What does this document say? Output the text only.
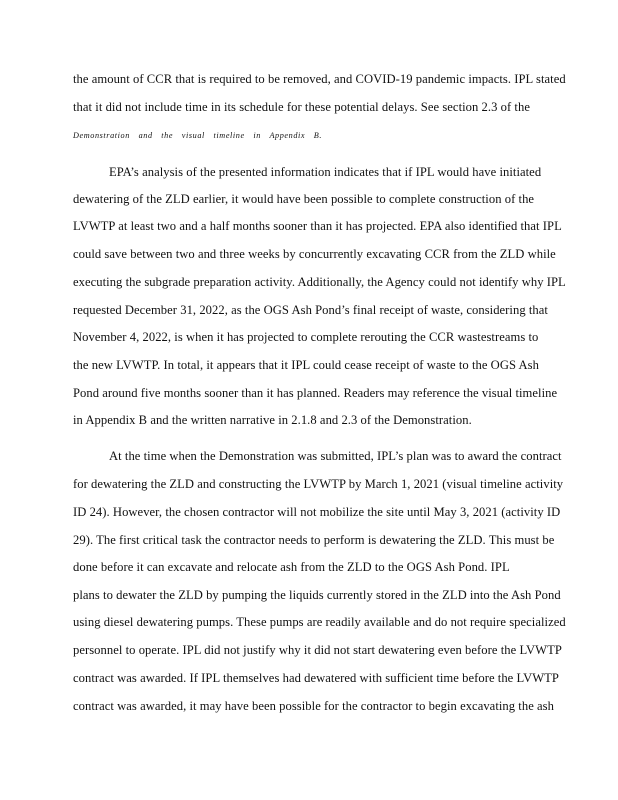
the amount of CCR that is required to be removed, and COVID-19 pandemic impacts. IPL stated
that it did not include time in its schedule for these potential delays. See section 2.3 of the
Demonstration and the visual timeline in Appendix B.
EPA’s analysis of the presented information indicates that if IPL would have initiated
dewatering of the ZLD earlier, it would have been possible to complete construction of the
LVWTP at least two and a half months sooner than it has projected. EPA also identified that IPL
could save between two and three weeks by concurrently excavating CCR from the ZLD while
executing the subgrade preparation activity. Additionally, the Agency could not identify why IPL
requested December 31, 2022, as the OGS Ash Pond’s final receipt of waste, considering that
November 4, 2022, is when it has projected to complete rerouting the CCR wastestreams to
the new LVWTP. In total, it appears that it IPL could cease receipt of waste to the OGS Ash
Pond around five months sooner than it has planned. Readers may reference the visual timeline
in Appendix B and the written narrative in 2.1.8 and 2.3 of the Demonstration.
At the time when the Demonstration was submitted, IPL’s plan was to award the contract
for dewatering the ZLD and constructing the LVWTP by March 1, 2021 (visual timeline activity
ID 24). However, the chosen contractor will not mobilize the site until May 3, 2021 (activity ID
29). The first critical task the contractor needs to perform is dewatering the ZLD. This must be
done before it can excavate and relocate ash from the ZLD to the OGS Ash Pond. IPL
plans to dewater the ZLD by pumping the liquids currently stored in the ZLD into the Ash Pond
using diesel dewatering pumps. These pumps are readily available and do not require specialized
personnel to operate. IPL did not justify why it did not start dewatering even before the LVWTP
contract was awarded. If IPL themselves had dewatered with sufficient time before the LVWTP
contract was awarded, it may have been possible for the contractor to begin excavating the ash
